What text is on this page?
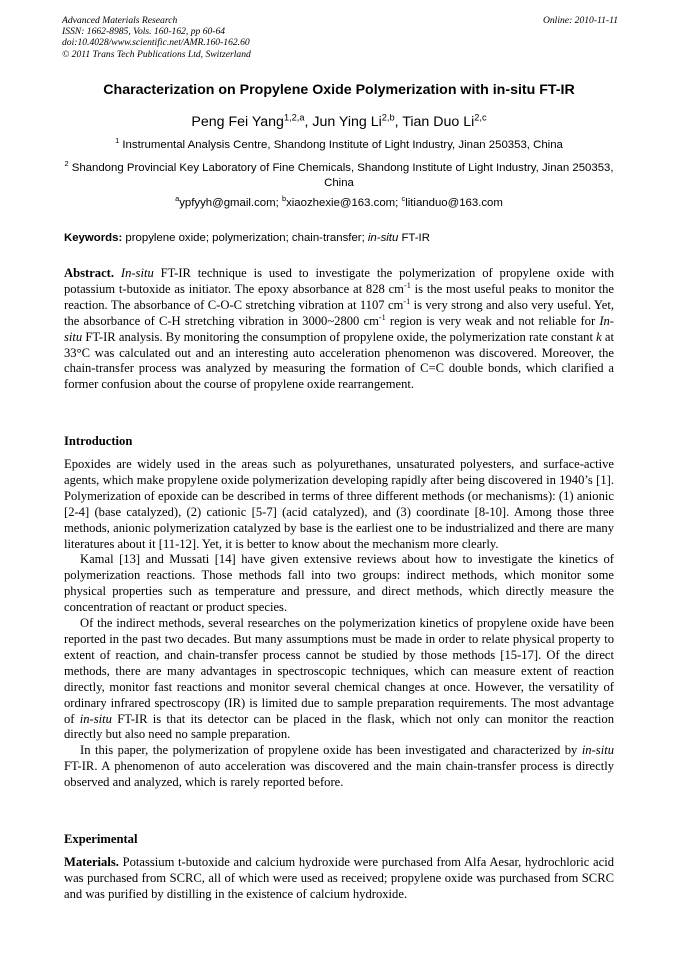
Advanced Materials Research
ISSN: 1662-8985, Vols. 160-162, pp 60-64
doi:10.4028/www.scientific.net/AMR.160-162.60
© 2011 Trans Tech Publications Ltd, Switzerland
Online: 2010-11-11
Characterization on Propylene Oxide Polymerization with in-situ FT-IR
Peng Fei Yang$^{1,2,a}$, Jun Ying Li$^{2,b}$, Tian Duo Li$^{2,c}$
$^1$ Instrumental Analysis Centre, Shandong Institute of Light Industry, Jinan 250353, China
$^2$ Shandong Provincial Key Laboratory of Fine Chemicals, Shandong Institute of Light Industry, Jinan 250353, China
$^a$ypfyyh@gmail.com; $^b$xiaozhexie@163.com; $^c$litianduo@163.com
Keywords: propylene oxide; polymerization; chain-transfer; in-situ FT-IR
Abstract. In-situ FT-IR technique is used to investigate the polymerization of propylene oxide with potassium t-butoxide as initiator. The epoxy absorbance at 828 $cm^{-1}$ is the most useful peaks to monitor the reaction. The absorbance of C-O-C stretching vibration at 1107 $cm^{-1}$ is very strong and also very useful. Yet, the absorbance of C-H stretching vibration in 3000~2800 $cm^{-1}$ region is very weak and not reliable for In-situ FT-IR analysis. By monitoring the consumption of propylene oxide, the polymerization rate constant k at 33°C was calculated out and an interesting auto acceleration phenomenon was discovered. Moreover, the chain-transfer process was analyzed by measuring the formation of C=C double bonds, which clarified a former confusion about the course of propylene oxide rearrangement.
Introduction

Epoxides are widely used in the areas such as polyurethanes, unsaturated polyesters, and surface-active agents, which make propylene oxide polymerization developing rapidly after being discovered in 1940’s [1]. Polymerization of epoxide can be described in terms of three different methods (or mechanisms): (1) anionic [2-4] (base catalyzed), (2) cationic [5-7] (acid catalyzed), and (3) coordinate [8-10]. Among those three methods, anionic polymerization catalyzed by base is the earliest one to be industrialized and there are many literatures about it [11-12]. Yet, it is better to know about the mechanism more clearly.

Kamal [13] and Mussati [14] have given extensive reviews about how to investigate the kinetics of polymerization reactions. Those methods fall into two groups: indirect methods, which monitor some physical properties such as temperature and pressure, and direct methods, which directly measure the concentration of reactant or product species.

Of the indirect methods, several researches on the polymerization kinetics of propylene oxide have been reported in the past two decades. But many assumptions must be made in order to relate physical property to extent of reaction, and chain-transfer process cannot be studied by those methods [15-17]. Of the direct methods, there are many advantages in spectroscopic techniques, which can measure extent of reaction directly, monitor fast reactions and monitor several chemical changes at once. However, the versatility of ordinary infrared spectroscopy (IR) is limited due to sample preparation requirements. The most advantage of in-situ FT-IR is that its detector can be placed in the flask, which not only can monitor the reaction directly but also need no sample preparation.

In this paper, the polymerization of propylene oxide has been investigated and characterized by in-situ FT-IR. A phenomenon of auto acceleration was discovered and the main chain-transfer process is directly observed and analyzed, which is rarely reported before.

Experimental
Materials. Potassium t-butoxide and calcium hydroxide were purchased from Alfa Aesar, hydrochloric acid was purchased from SCRC, all of which were used as received; propylene oxide was purchased from SCRC and was purified by distilling in the existence of calcium hydroxide.
